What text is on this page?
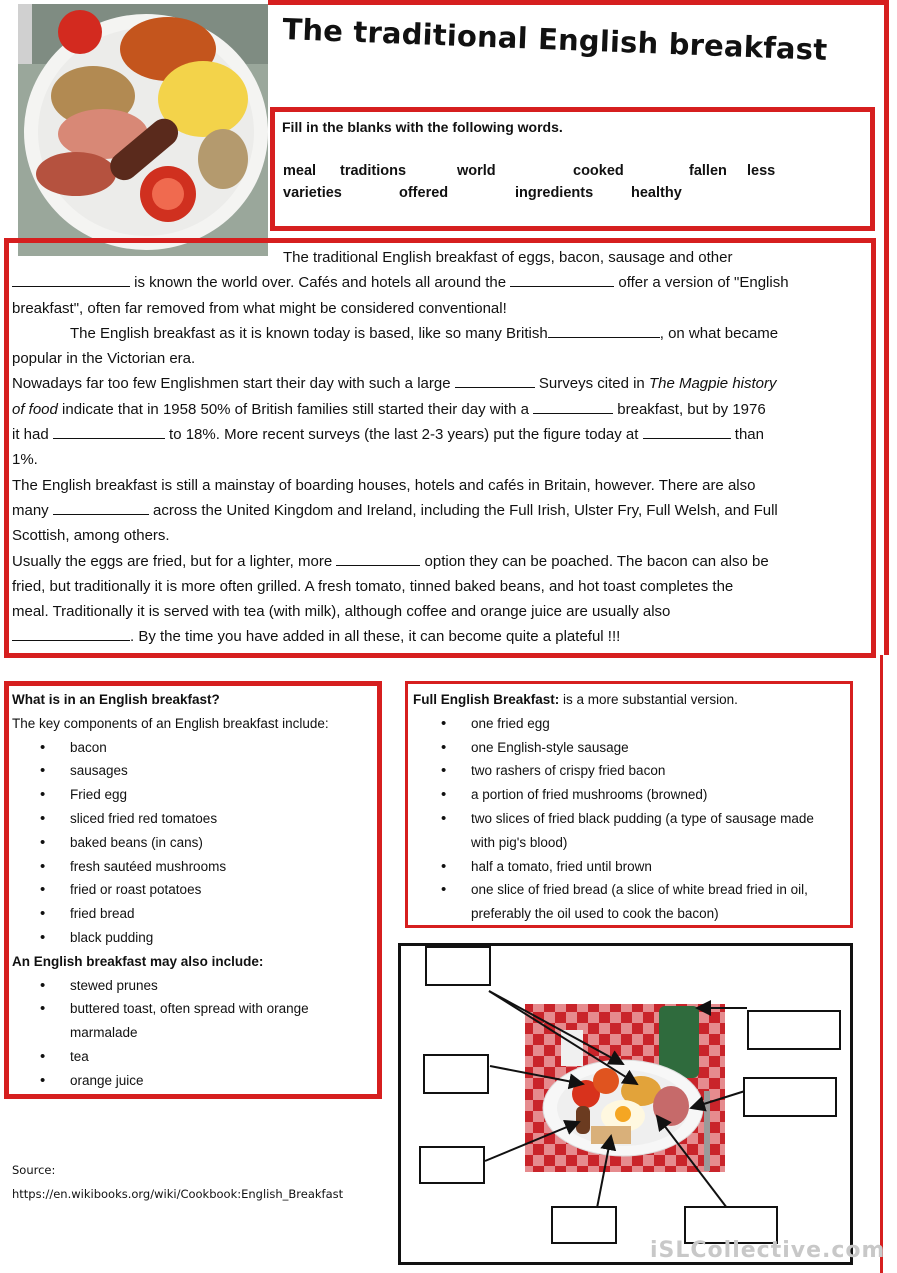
The traditional English breakfast
Fill in the blanks with the following words.
meal traditions	world	cooked	fallen less
varieties	offered	ingredients	healthy

The traditional English breakfast of eggs, bacon, sausage and other

is known the world over. Cafés and hotels all around the	offer a version of "English

breakfast", often far removed from what might be considered conventional!

The English breakfast as it is known today is based, like so many British	, on what became

popular in the Victorian era.

Nowadays far too few Englishmen start their day with such a large	Surveys cited in The Magpie history

of food indicate that in 1958 50% of British families still started their day with a	breakfast, but by 1976

it had	to 18%. More recent surveys (the last 2-3 years) put the figure today at	than

1%.

The English breakfast is still a mainstay of boarding houses, hotels and cafés in Britain, however. There are also

many	across the United Kingdom and Ireland, including the Full Irish, Ulster Fry, Full Welsh, and Full

Scottish, among others.

Usually the eggs are fried, but for a lighter, more	option they can be poached. The bacon can also be

fried, but traditionally it is more often grilled. A fresh tomato, tinned baked beans, and hot toast completes the

meal. Traditionally it is served with tea (with milk), although coffee and orange juice are usually also

. By the time you have added in all these, it can become quite a plateful !!!

What is in an English breakfast?
The key components of an English breakfast include:
• bacon
• sausages
• Fried egg
• sliced fried red tomatoes
• baked beans (in cans)
• fresh sautéed mushrooms
• fried or roast potatoes
• fried bread
• black pudding
An English breakfast may also include:
• stewed prunes
• buttered toast, often spread with orange marmalade
• tea
• orange juice
Full English Breakfast: is a more substantial version.
• one fried egg
• one English-style sausage
• two rashers of crispy fried bacon
• a portion of fried mushrooms (browned)
• two slices of fried black pudding (a type of sausage made with pig's blood)
• half a tomato, fried until brown
• one slice of fried bread (a slice of white bread fried in oil, preferably the oil used to cook the bacon)
Source:
https://en.wikibooks.org/wiki/Cookbook:English_Breakfast
iSLCollective.com
